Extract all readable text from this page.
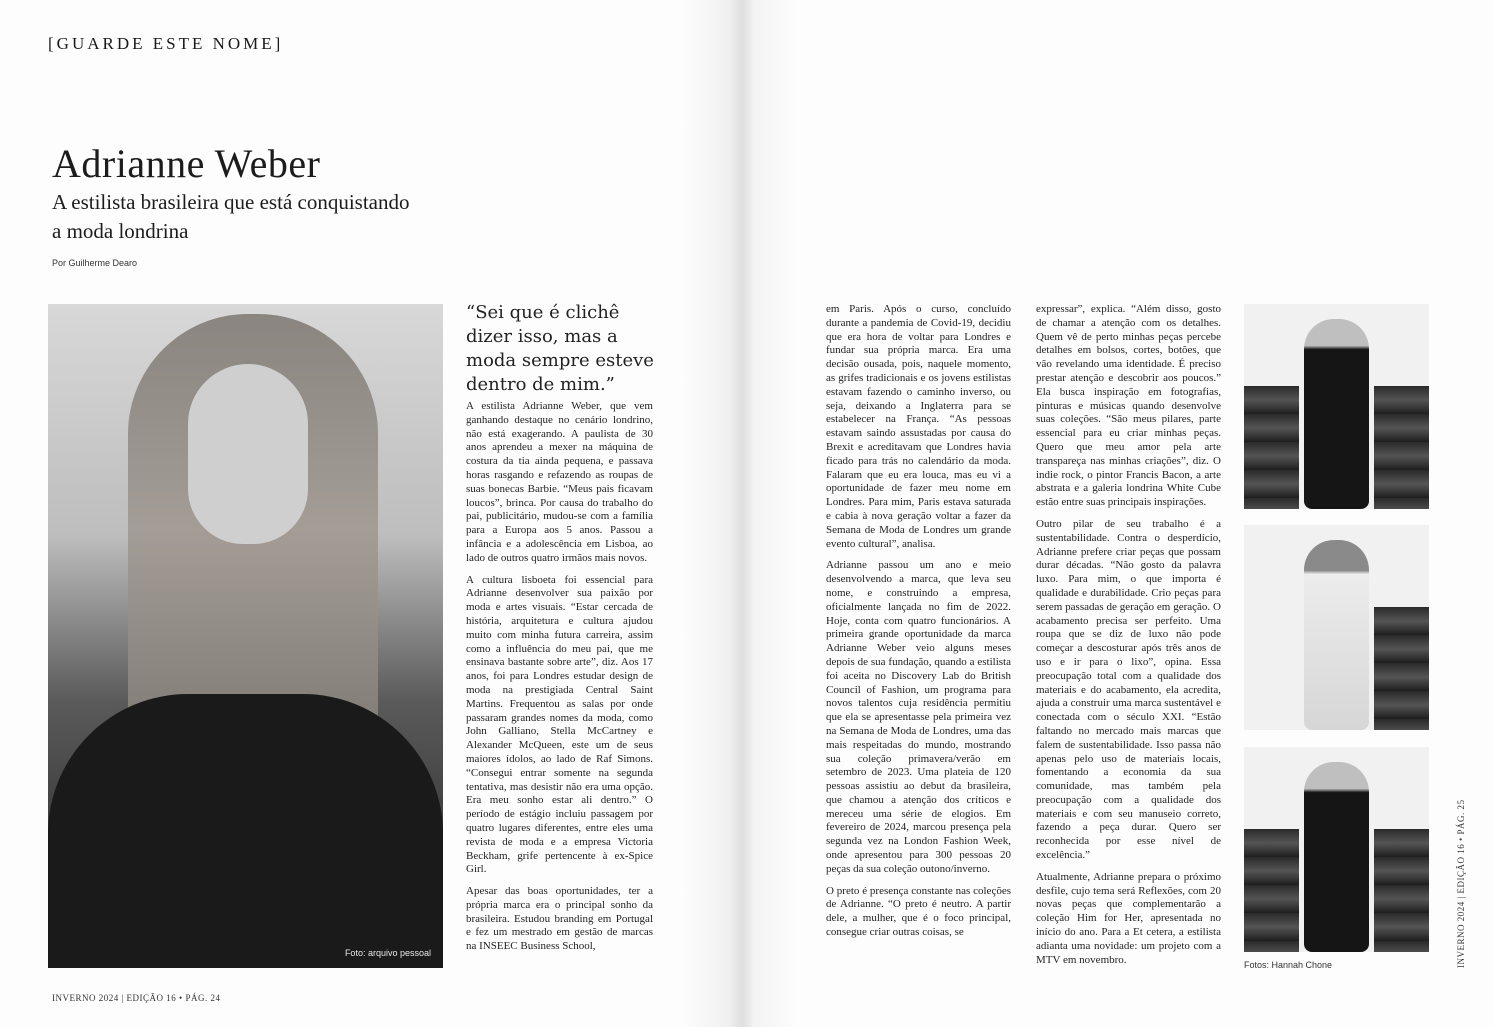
[GUARDE ESTE NOME]
Adrianne Weber
A estilista brasileira que está conquistando a moda londrina
Por Guilherme Dearo
Foto: arquivo pessoal
“Sei que é clichê dizer isso, mas a moda sempre esteve dentro de mim.”

A estilista Adrianne Weber, que vem ganhando destaque no cenário londrino, não está exagerando. A paulista de 30 anos aprendeu a mexer na máquina de costura da tia ainda pequena, e passava horas rasgando e refazendo as roupas de suas bonecas Barbie. “Meus pais ficavam loucos”, brinca. Por causa do trabalho do pai, publicitário, mudou-se com a família para a Europa aos 5 anos. Passou a infância e a adolescência em Lisboa, ao lado de outros quatro irmãos mais novos.

A cultura lisboeta foi essencial para Adrianne desenvolver sua paixão por moda e artes visuais. “Estar cercada de história, arquitetura e cultura ajudou muito com minha futura carreira, assim como a influência do meu pai, que me ensinava bastante sobre arte”, diz. Aos 17 anos, foi para Londres estudar design de moda na prestigiada Central Saint Martins. Frequentou as salas por onde passaram grandes nomes da moda, como John Galliano, Stella McCartney e Alexander McQueen, este um de seus maiores ídolos, ao lado de Raf Simons. “Consegui entrar somente na segunda tentativa, mas desistir não era uma opção. Era meu sonho estar ali dentro.” O período de estágio incluiu passagem por quatro lugares diferentes, entre eles uma revista de moda e a empresa Victoria Beckham, grife pertencente à ex-Spice Girl.

Apesar das boas oportunidades, ter a própria marca era o principal sonho da brasileira. Estudou branding em Portugal e fez um mestrado em gestão de marcas na INSEEC Business School,

em Paris. Após o curso, concluído durante a pandemia de Covid-19, decidiu que era hora de voltar para Londres e fundar sua própria marca. Era uma decisão ousada, pois, naquele momento, as grifes tradicionais e os jovens estilistas estavam fazendo o caminho inverso, ou seja, deixando a Inglaterra para se estabelecer na França. “As pessoas estavam saindo assustadas por causa do Brexit e acreditavam que Londres havia ficado para trás no calendário da moda. Falaram que eu era louca, mas eu vi a oportunidade de fazer meu nome em Londres. Para mim, Paris estava saturada e cabia à nova geração voltar a fazer da Semana de Moda de Londres um grande evento cultural”, analisa.

Adrianne passou um ano e meio desenvolvendo a marca, que leva seu nome, e construindo a empresa, oficialmente lançada no fim de 2022. Hoje, conta com quatro funcionários. A primeira grande oportunidade da marca Adrianne Weber veio alguns meses depois de sua fundação, quando a estilista foi aceita no Discovery Lab do British Council of Fashion, um programa para novos talentos cuja residência permitiu que ela se apresentasse pela primeira vez na Semana de Moda de Londres, uma das mais respeitadas do mundo, mostrando sua coleção primavera/verão em setembro de 2023. Uma plateia de 120 pessoas assistiu ao debut da brasileira, que chamou a atenção dos críticos e mereceu uma série de elogios. Em fevereiro de 2024, marcou presença pela segunda vez na London Fashion Week, onde apresentou para 300 pessoas 20 peças da sua coleção outono/inverno.

O preto é presença constante nas coleções de Adrianne. “O preto é neutro. A partir dele, a mulher, que é o foco principal, consegue criar outras coisas, se

expressar”, explica. “Além disso, gosto de chamar a atenção com os detalhes. Quem vê de perto minhas peças percebe detalhes em bolsos, cortes, botões, que vão revelando uma identidade. É preciso prestar atenção e descobrir aos poucos.” Ela busca inspiração em fotografias, pinturas e músicas quando desenvolve suas coleções. “São meus pilares, parte essencial para eu criar minhas peças. Quero que meu amor pela arte transpareça nas minhas criações”, diz. O indie rock, o pintor Francis Bacon, a arte abstrata e a galeria londrina White Cube estão entre suas principais inspirações.

Outro pilar de seu trabalho é a sustentabilidade. Contra o desperdício, Adrianne prefere criar peças que possam durar décadas. “Não gosto da palavra luxo. Para mim, o que importa é qualidade e durabilidade. Crio peças para serem passadas de geração em geração. O acabamento precisa ser perfeito. Uma roupa que se diz de luxo não pode começar a descosturar após três anos de uso e ir para o lixo”, opina. Essa preocupação total com a qualidade dos materiais e do acabamento, ela acredita, ajuda a construir uma marca sustentável e conectada com o século XXI. “Estão faltando no mercado mais marcas que falem de sustentabilidade. Isso passa não apenas pelo uso de materiais locais, fomentando a economia da sua comunidade, mas também pela preocupação com a qualidade dos materiais e com seu manuseio correto, fazendo a peça durar. Quero ser reconhecida por esse nível de excelência.”

Atualmente, Adrianne prepara o próximo desfile, cujo tema será Reflexões, com 20 novas peças que complementarão a coleção Him for Her, apresentada no início do ano. Para a Et cetera, a estilista adianta uma novidade: um projeto com a MTV em novembro.	Fotos: Hannah Chone
INVERNO 2024 | EDIÇÃO 16 • PÁG. 24
INVERNO 2024 | EDIÇÃO 16 • PÁG. 25
